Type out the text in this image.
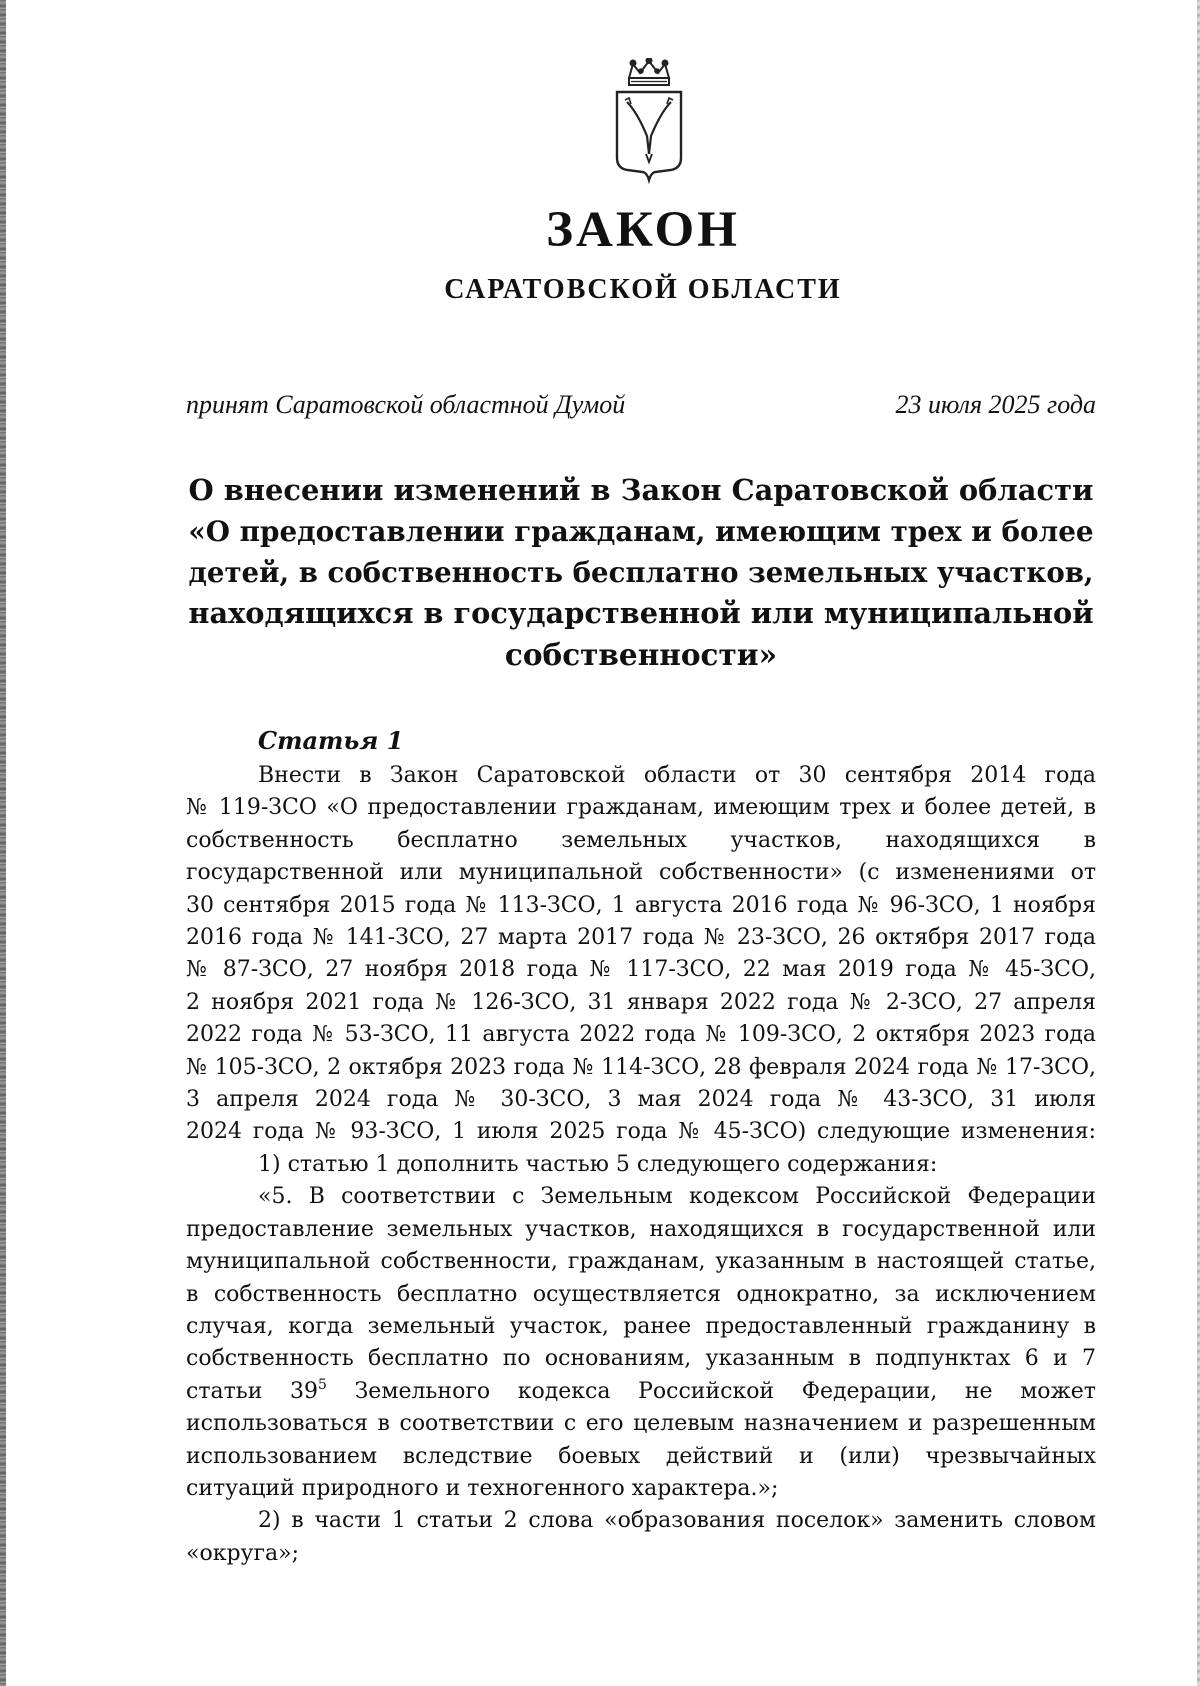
ЗАКОН
САРАТОВСКОЙ ОБЛАСТИ
принят Саратовской областной Думой	23 июля 2025 года
О внесении изменений в Закон Саратовской области
«О предоставлении гражданам, имеющим трех и более
детей, в собственность бесплатно земельных участков,
находящихся в государственной или муниципальной
собственности»
Статья 1
Внести в Закон Саратовской области от 30 сентября 2014 года
№ 119-ЗСО «О предоставлении гражданам, имеющим трех и более детей, в
собственность бесплатно земельных участков, находящихся в
государственной или муниципальной собственности» (с изменениями от
30 сентября 2015 года № 113-ЗСО, 1 августа 2016 года № 96-ЗСО, 1 ноября
2016 года № 141-ЗСО, 27 марта 2017 года № 23-ЗСО, 26 октября 2017 года
№ 87-ЗСО, 27 ноября 2018 года № 117-ЗСО, 22 мая 2019 года № 45-ЗСО,
2 ноября 2021 года № 126-ЗСО, 31 января 2022 года № 2-ЗСО, 27 апреля
2022 года № 53-ЗСО, 11 августа 2022 года № 109-ЗСО, 2 октября 2023 года
№ 105-ЗСО, 2 октября 2023 года № 114-ЗСО, 28 февраля 2024 года № 17-ЗСО,
3 апреля 2024 года № 30-ЗСО, 3 мая 2024 года № 43-ЗСО, 31 июля
2024 года № 93-ЗСО, 1 июля 2025 года № 45-ЗСО) следующие изменения:
1) статью 1 дополнить частью 5 следующего содержания:
«5. В соответствии с Земельным кодексом Российской Федерации
предоставление земельных участков, находящихся в государственной или
муниципальной собственности, гражданам, указанным в настоящей статье,
в собственность бесплатно осуществляется однократно, за исключением
случая, когда земельный участок, ранее предоставленный гражданину в
собственность бесплатно по основаниям, указанным в подпунктах 6 и 7
статьи $39^5$ Земельного кодекса Российской Федерации, не может
использоваться в соответствии с его целевым назначением и разрешенным
использованием вследствие боевых действий и (или) чрезвычайных
ситуаций природного и техногенного характера.»;
2) в части 1 статьи 2 слова «образования поселок» заменить словом
«округа»;
